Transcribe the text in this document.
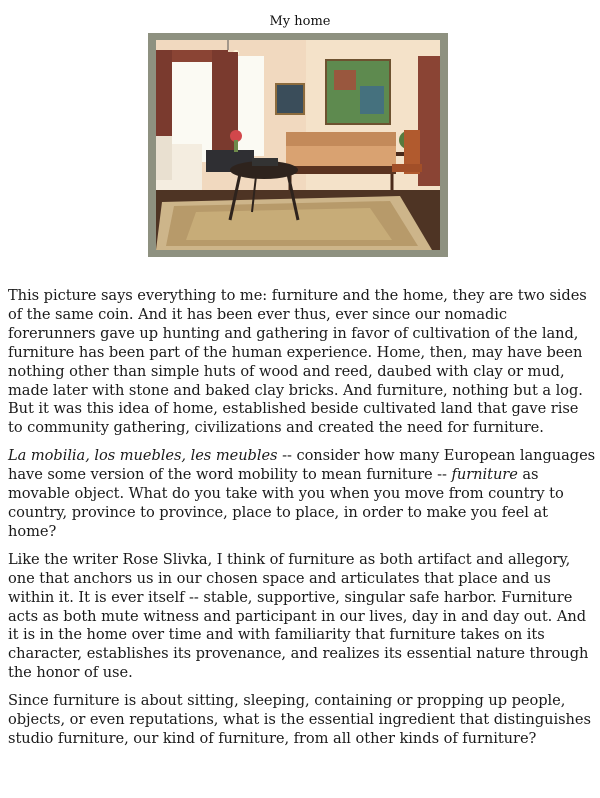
My home

This picture says everything to me: furniture and the home, they are two sides of the same coin. And it has been ever thus, ever since our nomadic forerunners gave up hunting and gathering in favor of cultivation of the land, furniture has been part of the human experience. Home, then, may have been nothing other than simple huts of wood and reed, daubed with clay or mud, made later with stone and baked clay bricks. And furniture, nothing but a log. But it was this idea of home, established beside cultivated land that gave rise to community gathering, civilizations and created the need for furniture.

La mobilia, los muebles, les meubles -- consider how many European languages have some version of the word mobility to mean furniture -- furniture as movable object. What do you take with you when you move from country to country, province to province, place to place, in order to make you feel at home?

Like the writer Rose Slivka, I think of furniture as both artifact and allegory, one that anchors us in our chosen space and articulates that place and us within it. It is ever itself -- stable, supportive, singular safe harbor. Furniture acts as both mute witness and participant in our lives, day in and day out. And it is in the home over time and with familiarity that furniture takes on its character, establishes its provenance, and realizes its essential nature through the honor of use.

Since furniture is about sitting, sleeping, containing or propping up people, objects, or even reputations, what is the essential ingredient that distinguishes studio furniture, our kind of furniture, from all other kinds of furniture?
